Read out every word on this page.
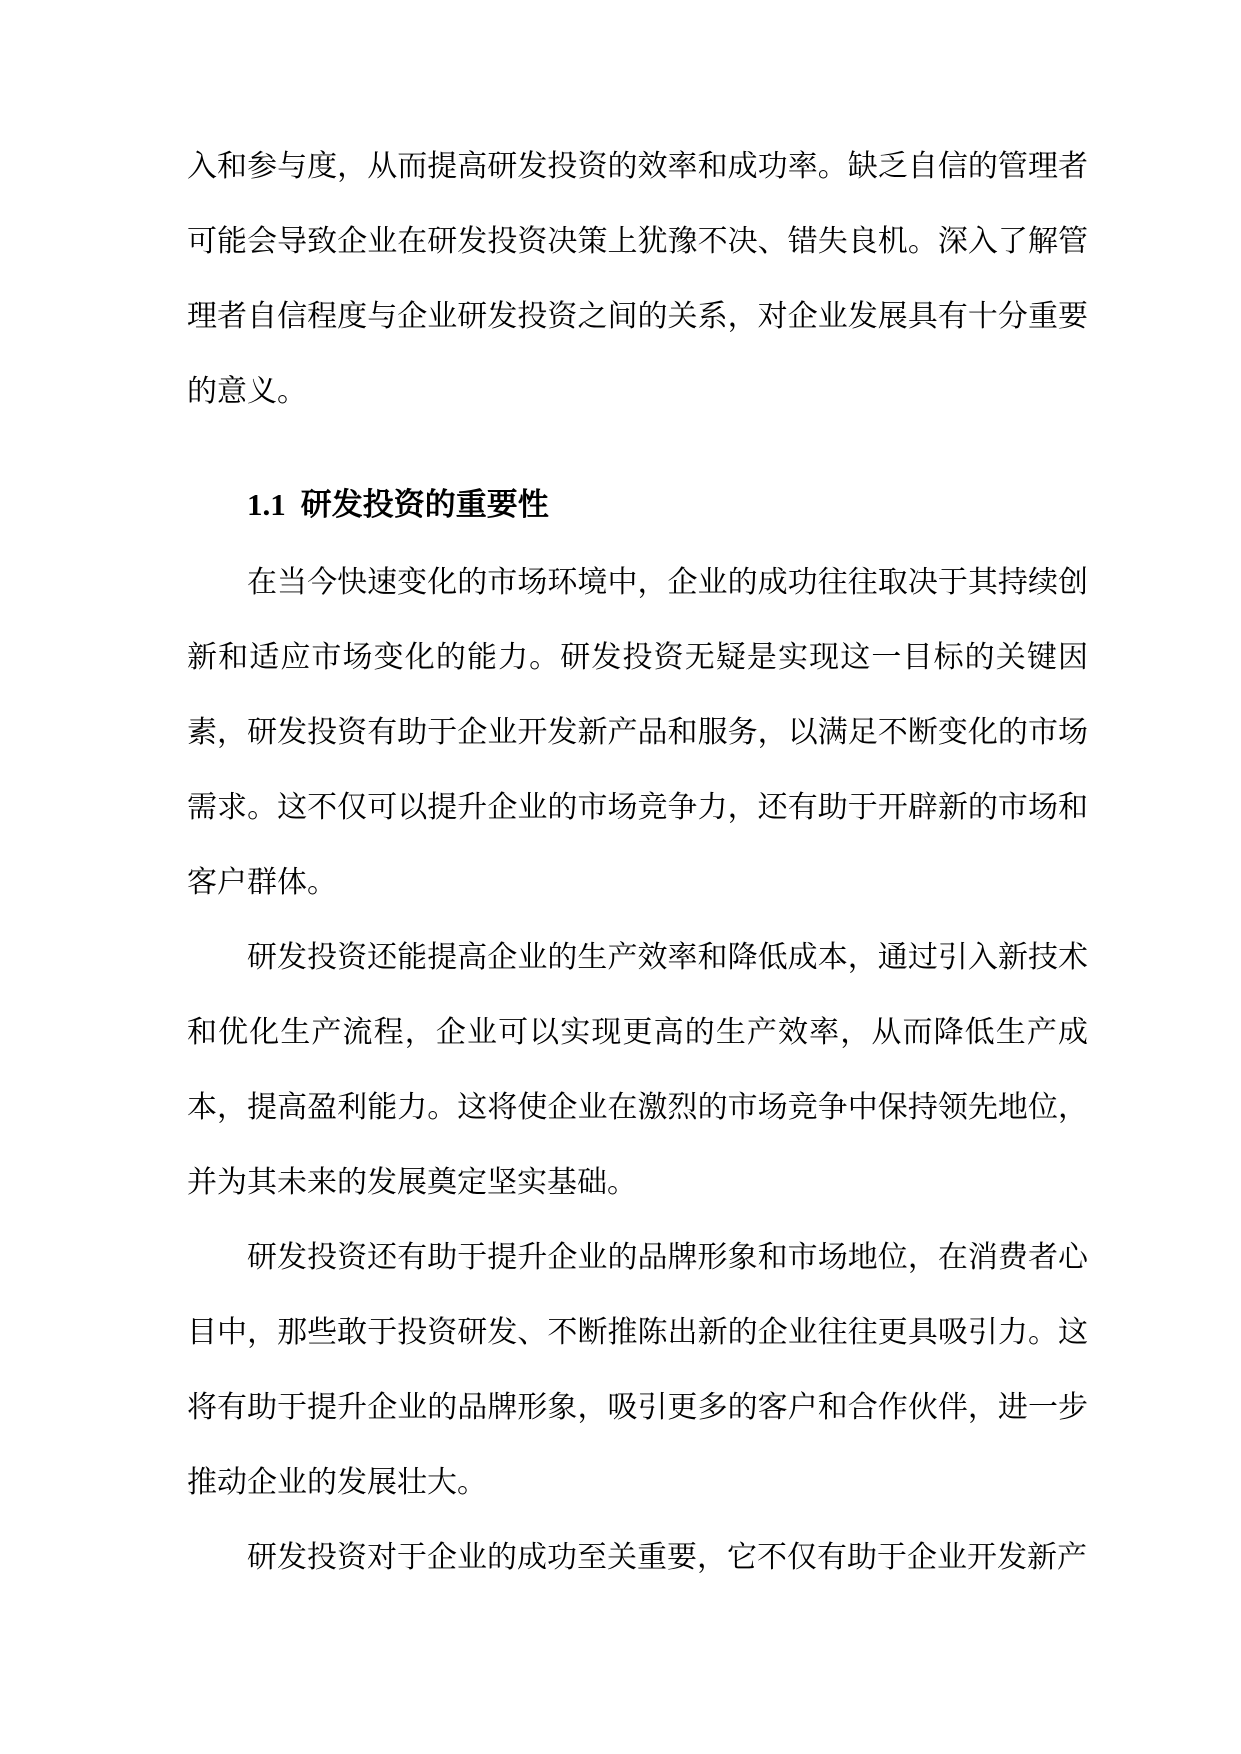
入和参与度，从而提高研发投资的效率和成功率。缺乏自信的管理者可能会导致企业在研发投资决策上犹豫不决、错失良机。深入了解管理者自信程度与企业研发投资之间的关系，对企业发展具有十分重要的意义。

1.1 研发投资的重要性

在当今快速变化的市场环境中，企业的成功往往取决于其持续创新和适应市场变化的能力。研发投资无疑是实现这一目标的关键因素，研发投资有助于企业开发新产品和服务，以满足不断变化的市场需求。这不仅可以提升企业的市场竞争力，还有助于开辟新的市场和客户群体。

研发投资还能提高企业的生产效率和降低成本，通过引入新技术和优化生产流程，企业可以实现更高的生产效率，从而降低生产成本，提高盈利能力。这将使企业在激烈的市场竞争中保持领先地位，并为其未来的发展奠定坚实基础。

研发投资还有助于提升企业的品牌形象和市场地位，在消费者心目中，那些敢于投资研发、不断推陈出新的企业往往更具吸引力。这将有助于提升企业的品牌形象，吸引更多的客户和合作伙伴，进一步推动企业的发展壮大。

研发投资对于企业的成功至关重要，它不仅有助于企业开发新产
